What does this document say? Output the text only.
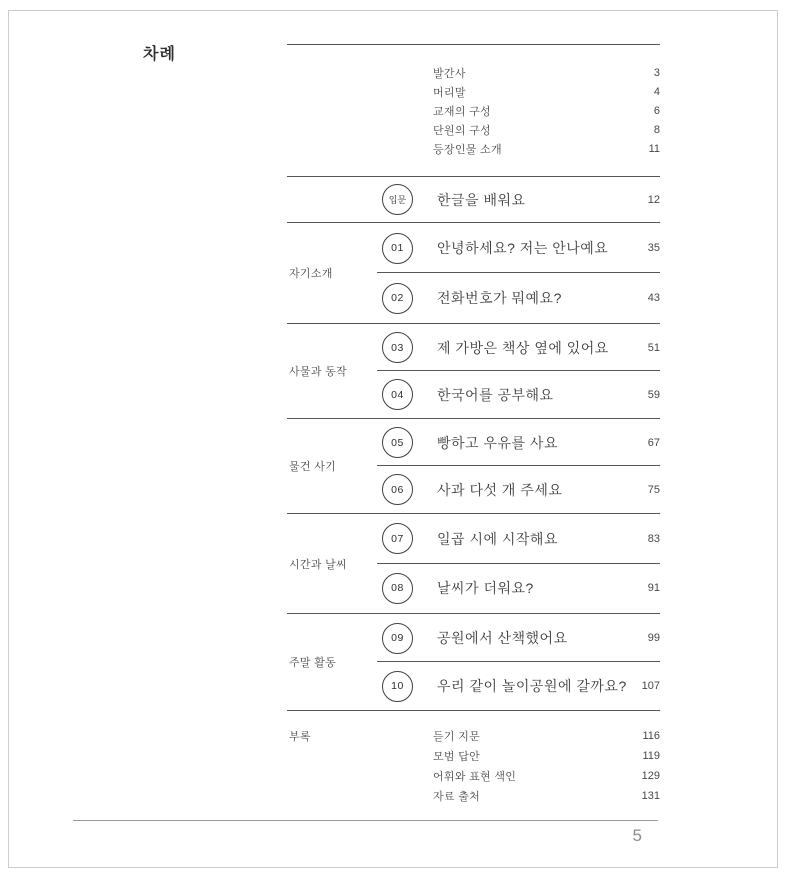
차례
발간사	3
머리말	4
교재의 구성	6
단원의 구성	8
등장인물 소개	11
입문	한글을 배워요	12
자기소개
01	안녕하세요? 저는 안나예요	35
02	전화번호가 뭐예요?	43
사물과 동작
03	제 가방은 책상 옆에 있어요	51
04	한국어를 공부해요	59
물건 사기
05	빵하고 우유를 사요	67
06	사과 다섯 개 주세요	75
시간과 날씨
07	일곱 시에 시작해요	83
08	날씨가 더워요?	91
주말 활동
09	공원에서 산책했어요	99
10	우리 같이 놀이공원에 갈까요? 107
부록	듣기 지문	116
모범 답안	119
어휘와 표현 색인	129
자료 출처	131
5
